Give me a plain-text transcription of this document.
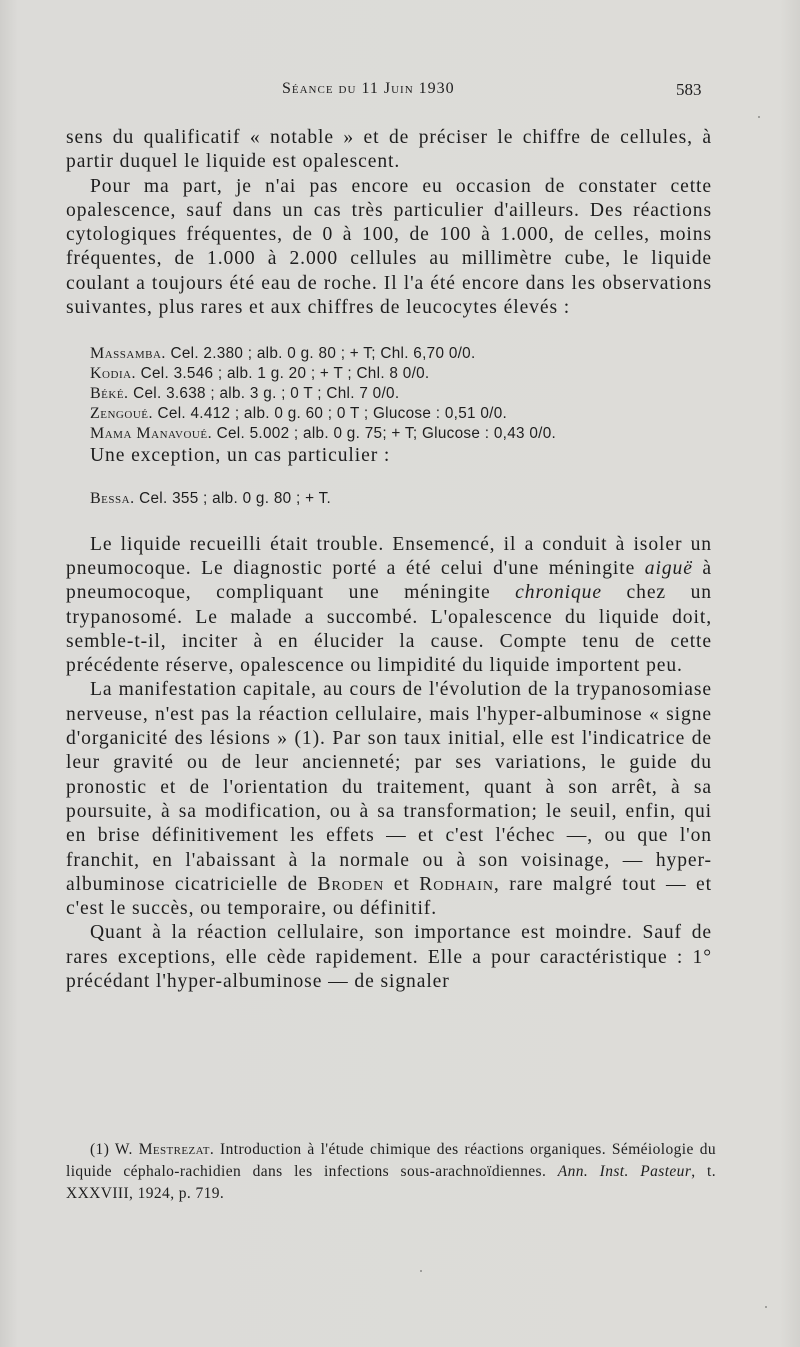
Séance du 11 Juin 1930	583

sens du qualificatif « notable » et de préciser le chiffre de cellules, à partir duquel le liquide est opalescent.

Pour ma part, je n'ai pas encore eu occasion de constater cette opalescence, sauf dans un cas très particulier d'ailleurs. Des réactions cytologiques fréquentes, de 0 à 100, de 100 à 1.000, de celles, moins fréquentes, de 1.000 à 2.000 cellules au millimètre cube, le liquide coulant a toujours été eau de roche. Il l'a été encore dans les observations suivantes, plus rares et aux chiffres de leucocytes élevés :

Massamba. Cel. 2.380 ; alb. 0 g. 80 ; + T; Chl. 6,70 0/0.
Kodia. Cel. 3.546 ; alb. 1 g. 20 ; + T ; Chl. 8 0/0.
Béké. Cel. 3.638 ; alb. 3 g. ; 0 T ; Chl. 7 0/0.
Zengoué. Cel. 4.412 ; alb. 0 g. 60 ; 0 T ; Glucose : 0,51 0/0.
Mama Manavoué. Cel. 5.002 ; alb. 0 g. 75; + T; Glucose : 0,43 0/0.

Une exception, un cas particulier :

Bessa. Cel. 355 ; alb. 0 g. 80 ; + T.

Le liquide recueilli était trouble. Ensemencé, il a conduit à isoler un pneumocoque. Le diagnostic porté a été celui d'une méningite aiguë à pneumocoque, compliquant une méningite chronique chez un trypanosomé. Le malade a succombé. L'opalescence du liquide doit, semble-t-il, inciter à en élucider la cause. Compte tenu de cette précédente réserve, opalescence ou limpidité du liquide importent peu.

La manifestation capitale, au cours de l'évolution de la trypanosomiase nerveuse, n'est pas la réaction cellulaire, mais l'hyper-albuminose « signe d'organicité des lésions » (1). Par son taux initial, elle est l'indicatrice de leur gravité ou de leur ancienneté; par ses variations, le guide du pronostic et de l'orientation du traitement, quant à son arrêt, à sa poursuite, à sa modification, ou à sa transformation; le seuil, enfin, qui en brise définitivement les effets — et c'est l'échec —, ou que l'on franchit, en l'abaissant à la normale ou à son voisinage, — hyper-albuminose cicatricielle de Broden et Rodhain, rare malgré tout — et c'est le succès, ou temporaire, ou définitif.

Quant à la réaction cellulaire, son importance est moindre. Sauf de rares exceptions, elle cède rapidement. Elle a pour caractéristique : 1° précédant l'hyper-albuminose — de signaler

(1) W. Mestrezat. Introduction à l'étude chimique des réactions organiques. Séméiologie du liquide céphalo-rachidien dans les infections sous-arachnoïdiennes. Ann. Inst. Pasteur, t. XXXVIII, 1924, p. 719.
